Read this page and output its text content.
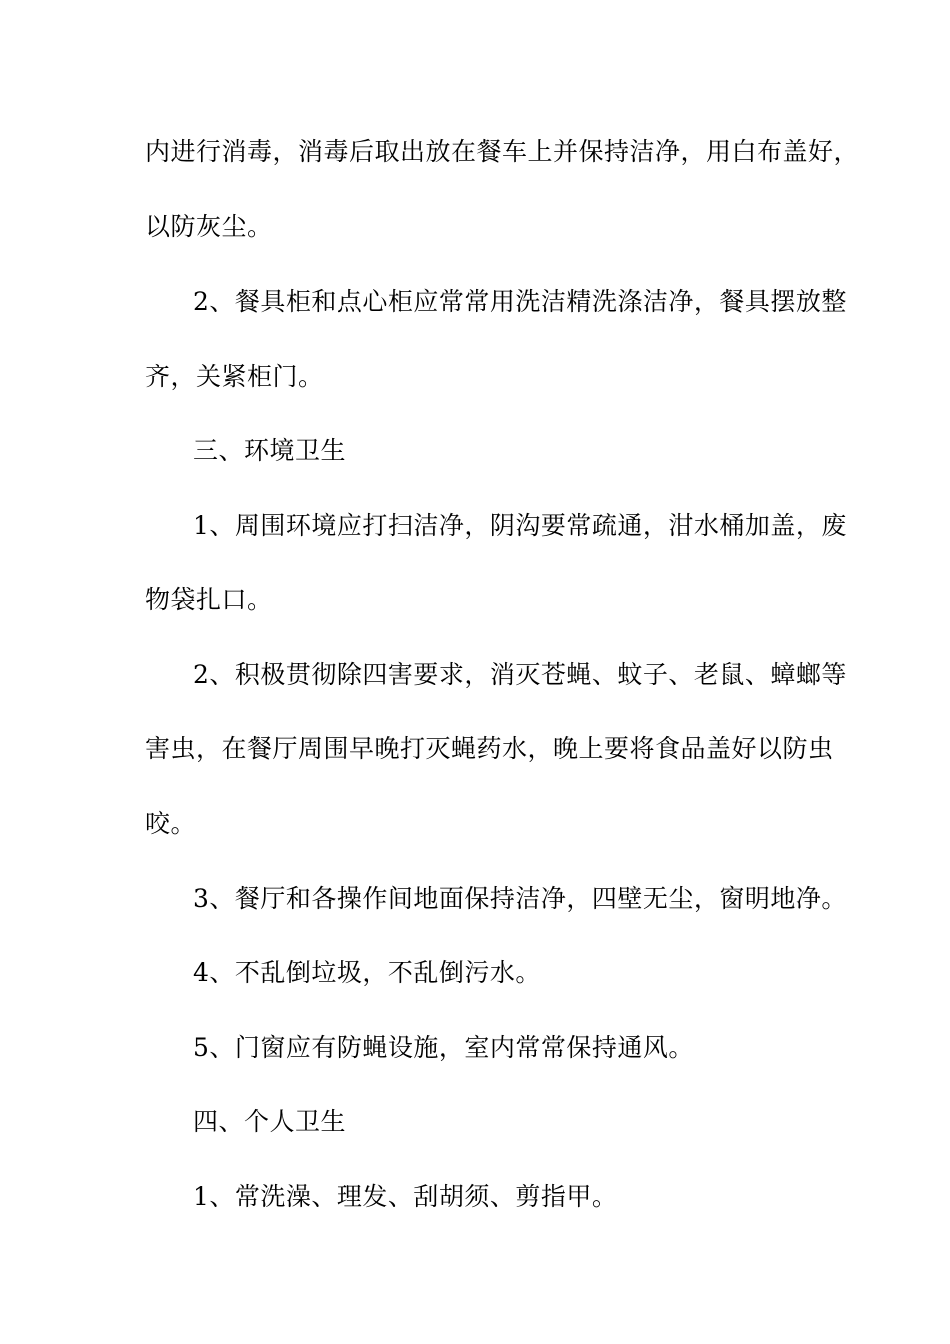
内进行消毒，消毒后取出放在餐车上并保持洁净，用白布盖好，
以防灰尘。
2、餐具柜和点心柜应常常用洗洁精洗涤洁净，餐具摆放整
齐，关紧柜门。
三、环境卫生
1、周围环境应打扫洁净，阴沟要常疏通，泔水桶加盖，废
物袋扎口。
2、积极贯彻除四害要求，消灭苍蝇、蚊子、老鼠、蟑螂等
害虫，在餐厅周围早晚打灭蝇药水，晚上要将食品盖好以防虫
咬。
3、餐厅和各操作间地面保持洁净，四壁无尘，窗明地净。
4、不乱倒垃圾，不乱倒污水。
5、门窗应有防蝇设施，室内常常保持通风。
四、个人卫生
1、常洗澡、理发、刮胡须、剪指甲。
